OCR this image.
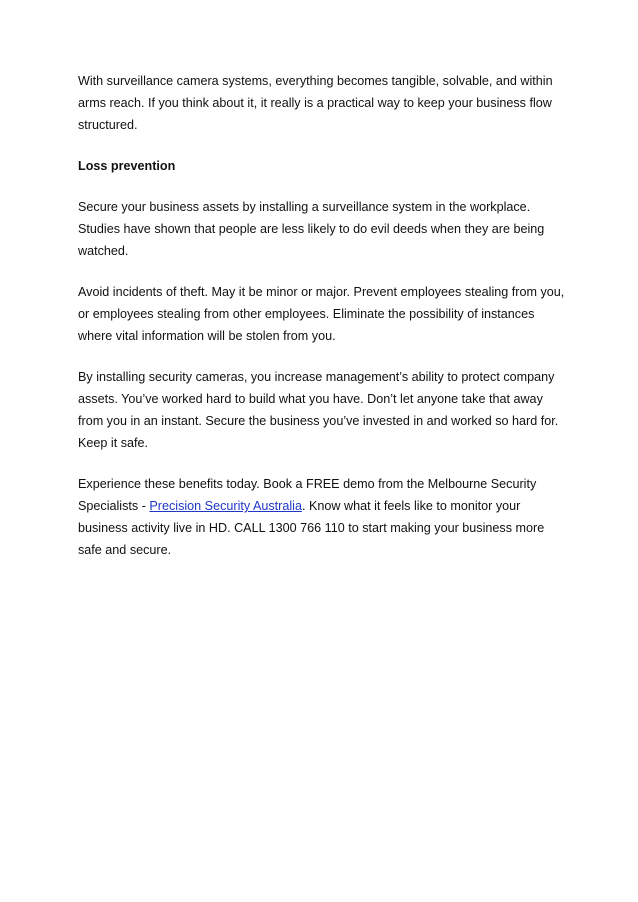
With surveillance camera systems, everything becomes tangible, solvable, and within arms reach. If you think about it, it really is a practical way to keep your business flow structured.

Loss prevention

Secure your business assets by installing a surveillance system in the workplace. Studies have shown that people are less likely to do evil deeds when they are being watched.

Avoid incidents of theft. May it be minor or major. Prevent employees stealing from you, or employees stealing from other employees. Eliminate the possibility of instances where vital information will be stolen from you.

By installing security cameras, you increase management’s ability to protect company assets. You’ve worked hard to build what you have. Don’t let anyone take that away from you in an instant. Secure the business you’ve invested in and worked so hard for. Keep it safe.

Experience these benefits today. Book a FREE demo from the Melbourne Security Specialists - Precision Security Australia. Know what it feels like to monitor your business activity live in HD. CALL 1300 766 110 to start making your business more safe and secure.
